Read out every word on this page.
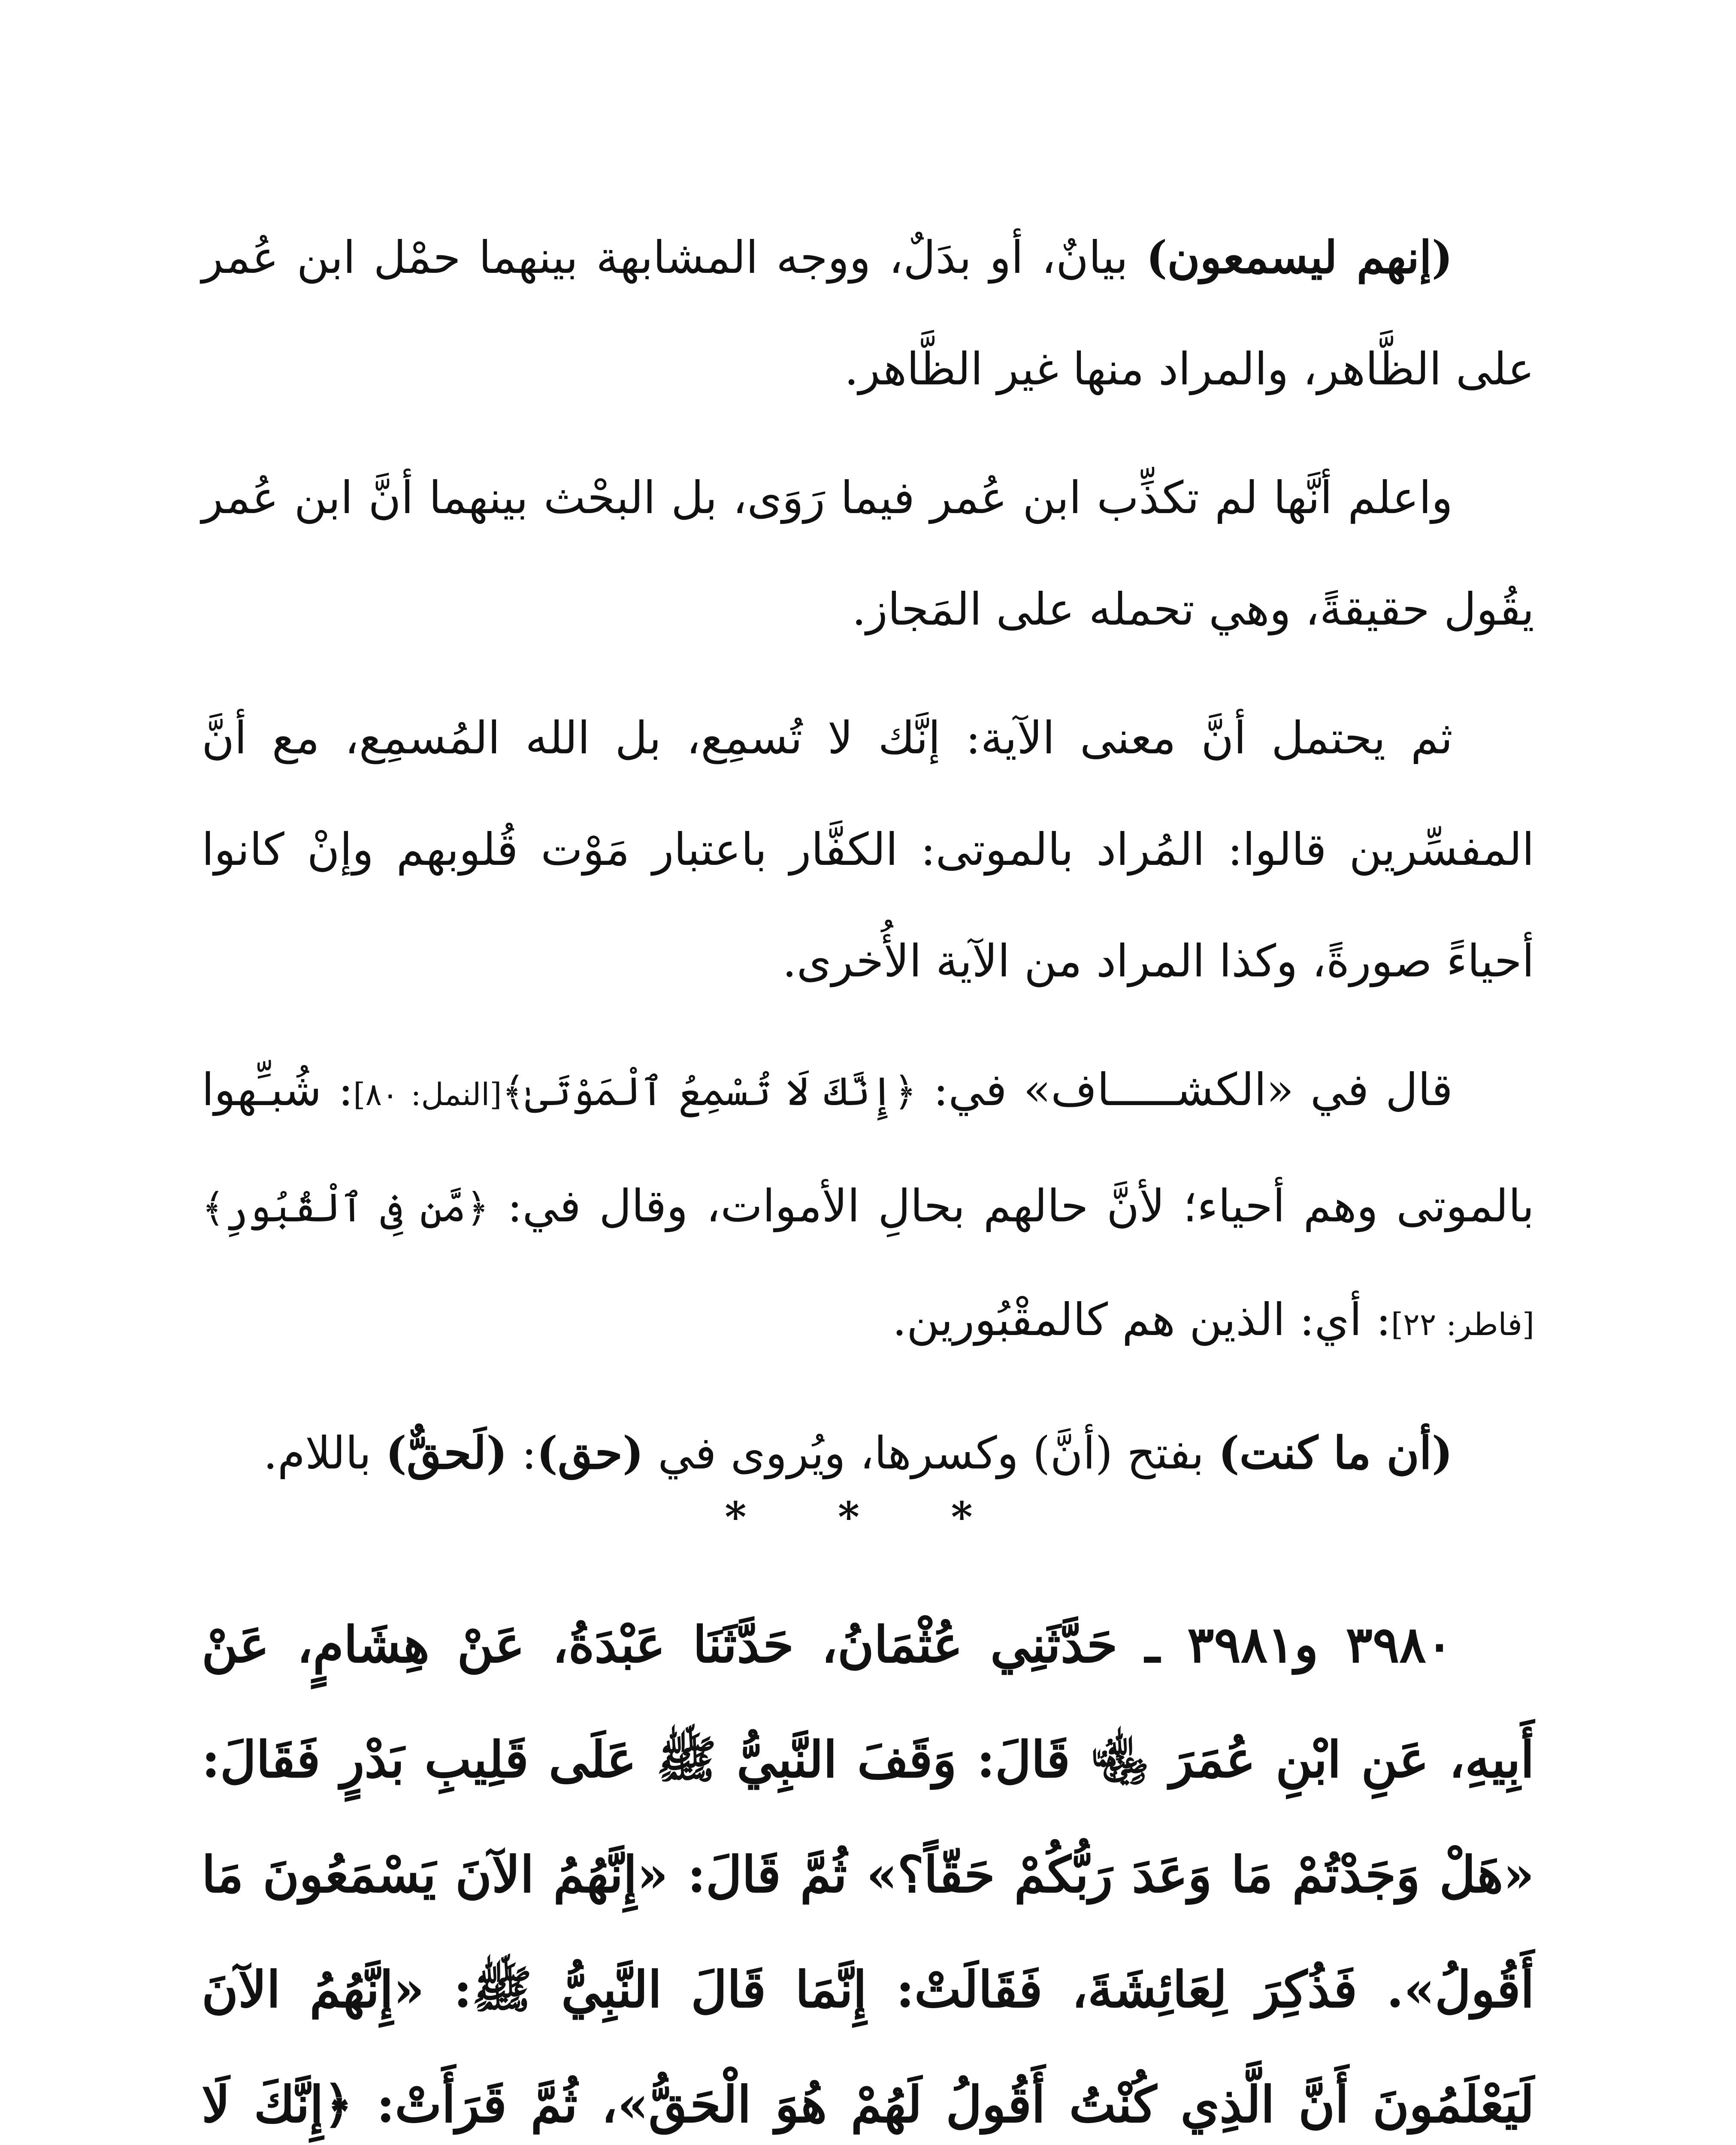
(إنهم ليسمعون) بيانٌ، أو بدَلٌ، ووجه المشابهة بينهما حمْل ابن عُمر على الظَّاهر، والمراد منها غير الظَّاهر.

واعلم أنَّها لم تكذِّب ابن عُمر فيما رَوَى، بل البحْث بينهما أنَّ ابن عُمر يقُول حقيقةً، وهي تحمله على المَجاز.

ثم يحتمل أنَّ معنى الآية: إنَّك لا تُسمِع، بل الله المُسمِع، مع أنَّ المفسِّرين قالوا: المُراد بالموتى: الكفَّار باعتبار مَوْت قُلوبهم وإنْ كانوا أحياءً صورةً، وكذا المراد من الآية الأُخرى.

قال في «الكشـــــاف» في: ﴿إِنَّكَ لَا تُسْمِعُ ٱلْمَوْتَىٰ﴾[النمل: ٨٠]: شُبـِّهوا بالموتى وهم أحياء؛ لأنَّ حالهم بحالِ الأموات، وقال في: ﴿مَّن فِى ٱلْقُبُورِ﴾[فاطر: ٢٢]: أي: الذين هم كالمقْبُورين.

(أن ما كنت) بفتح (أنَّ) وكسرها، ويُروى في (حق): (لَحقٌّ) باللام.

* * *

٣٩٨٠ و٣٩٨١ ـ حَدَّثَنِي عُثْمَانُ، حَدَّثَنَا عَبْدَةُ، عَنْ هِشَامٍ، عَنْ أَبِيهِ، عَنِ ابْنِ عُمَرَ ﵄ قَالَ: وَقَفَ النَّبِيُّ ﷺ عَلَى قَلِيبِ بَدْرٍ فَقَالَ: «هَلْ وَجَدْتُمْ مَا وَعَدَ رَبُّكُمْ حَقّاً؟» ثُمَّ قَالَ: «إِنَّهُمُ الآنَ يَسْمَعُونَ مَا أَقُولُ». فَذُكِرَ لِعَائِشَةَ، فَقَالَتْ: إِنَّمَا قَالَ النَّبِيُّ ﷺ: «إِنَّهُمُ الآنَ لَيَعْلَمُونَ أَنَّ الَّذِي كُنْتُ أَقُولُ لَهُمْ هُوَ الْحَقُّ»، ثُمَّ قَرَأَتْ: ﴿إِنَّكَ لَا
